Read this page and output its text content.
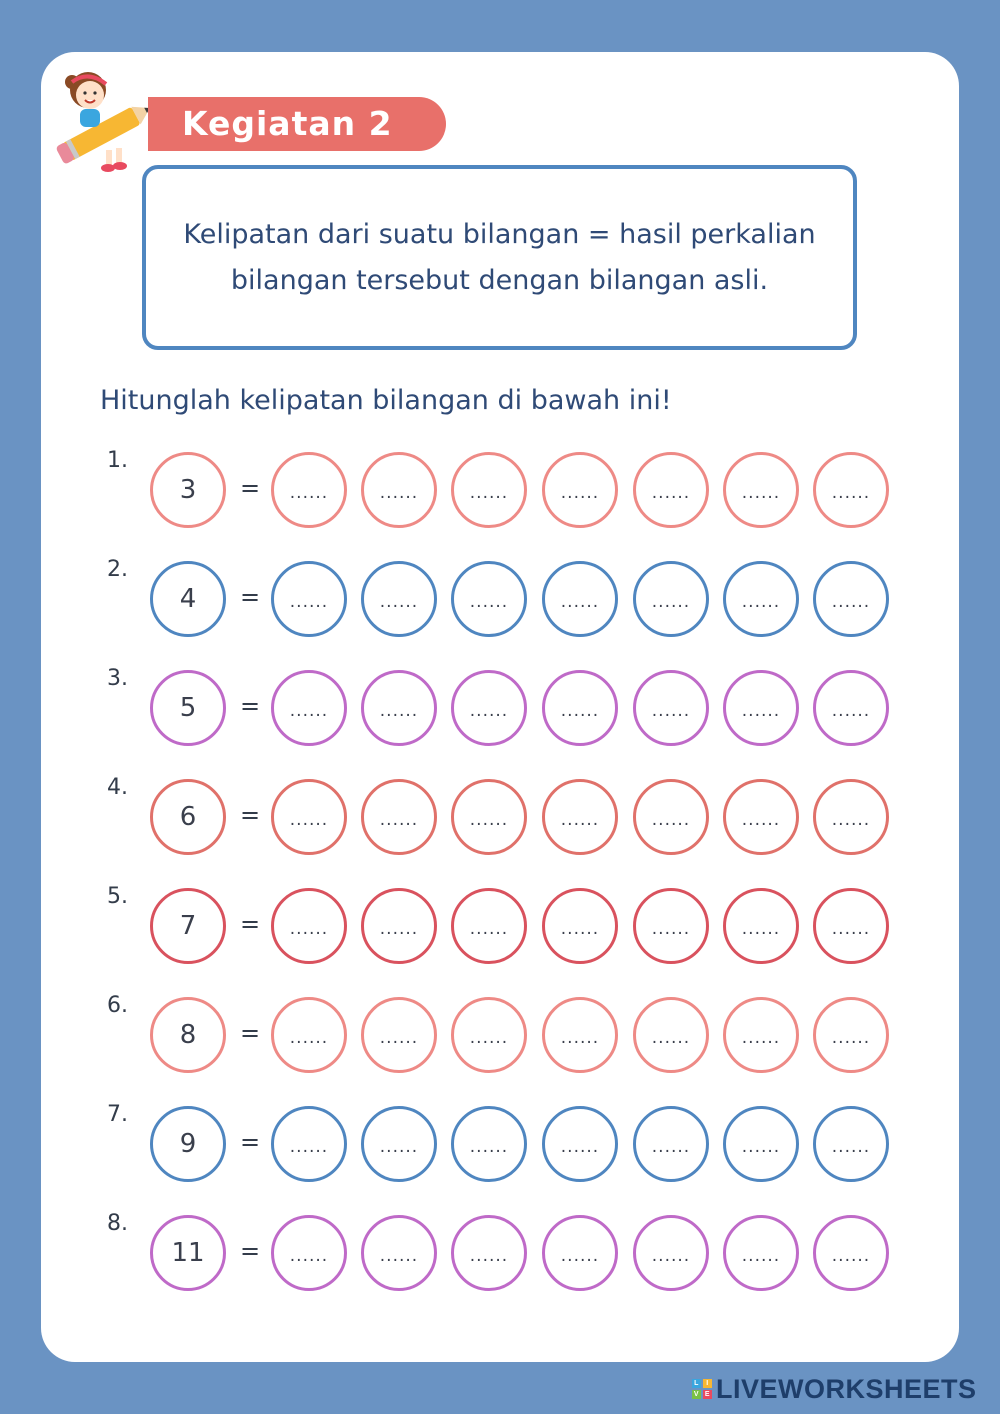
Kegiatan 2
Kelipatan dari suatu bilangan = hasil perkalian
bilangan tersebut dengan bilangan asli.
Hitunglah kelipatan bilangan di bawah ini!
1.
3	=	......	......	......	......	......	......	......
2.
4	=	......	......	......	......	......	......	......
3.
5	=	......	......	......	......	......	......	......
4.
6	=	......	......	......	......	......	......	......
5.
7	=	......	......	......	......	......	......	......
6.
8	=	......	......	......	......	......	......	......
7.
9	=	......	......	......	......	......	......	......
8.
11	=	......	......	......	......	......	......	......
L	I
V E LIVEWORKSHEETS
